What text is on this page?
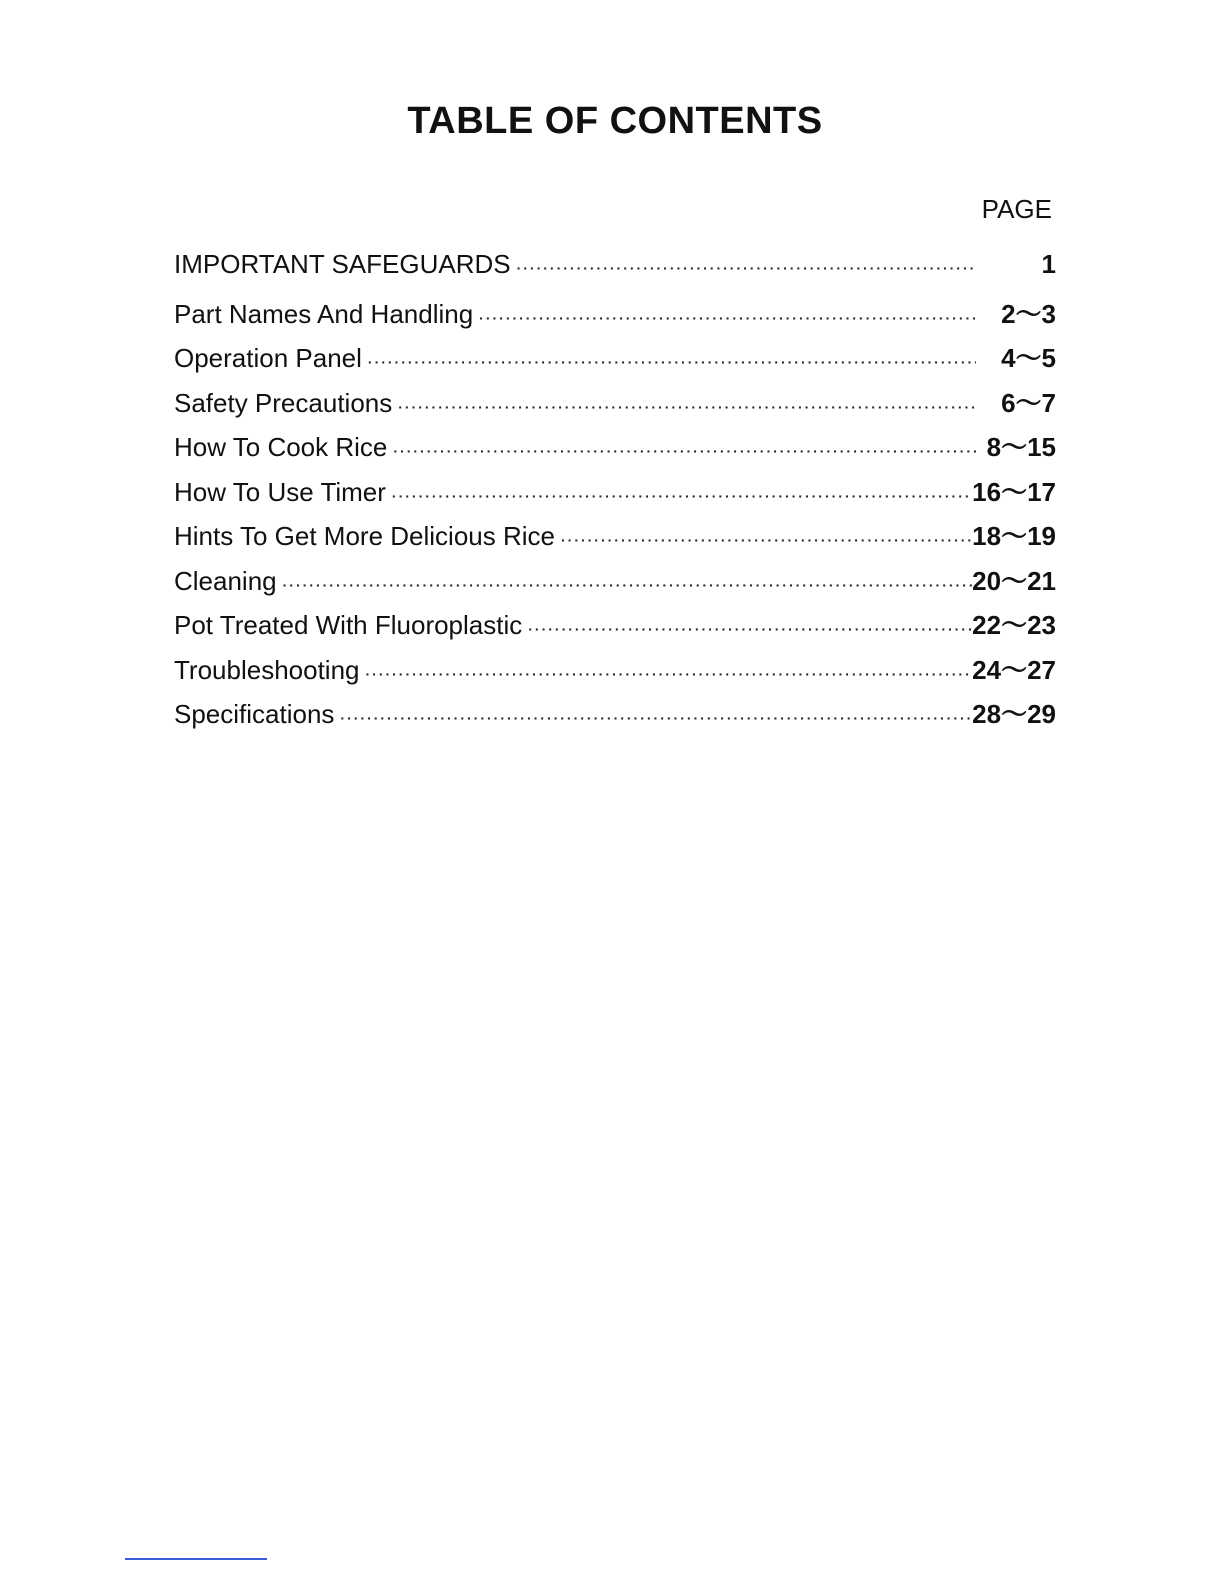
TABLE OF CONTENTS
PAGE
IMPORTANT SAFEGUARDS ·····	1
Part Names And Handling ·····	2～3
Operation Panel ·····	4～5
Safety Precautions ·····	6～7
How To Cook Rice ·····	8～15
How To Use Timer ·····	16～17
Hints To Get More Delicious Rice ·····	18～19
Cleaning ·····	20～21
Pot Treated With Fluoroplastic ·····	22～23
Troubleshooting ·····	24～27
Specifications ·····	28～29
